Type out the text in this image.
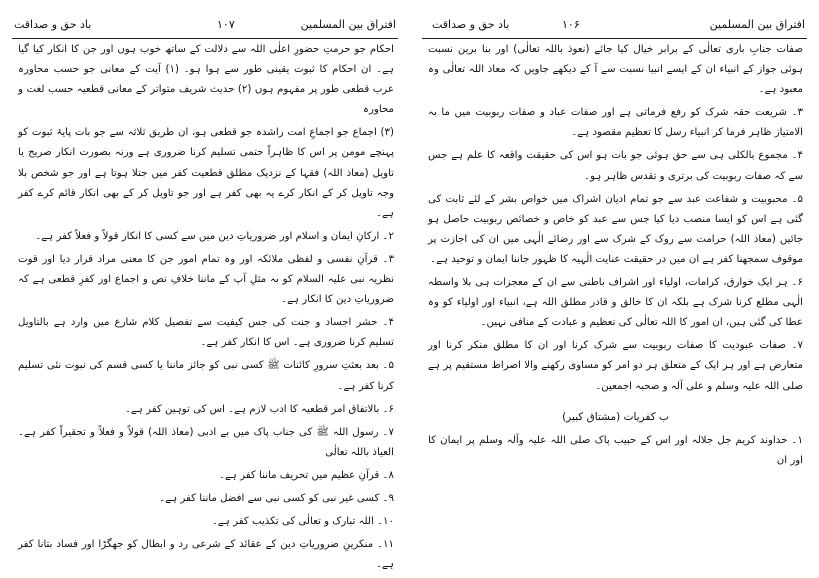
باد حق و صداقت	۱۰۷	افتراق بين المسلمين

احکام جو حرمتِ حضورِ اعلٰی اللہ سے دلالت کے ساتھ خوب ہوں اور جن کا انکار کیا گیا ہے۔ ان احکام کا ثبوت یقینی طور سے ہوا ہو۔ (۱) آیت کے معانی جو حسب محاورہ عرب قطعی طور پر مفہوم ہوں (۲) حدیث شریف متواتر کے معانی قطعیہ حسب لغت و محاورہ

(۳) اجماع جو اجماعِ امت راشدہ جو قطعی ہو، ان طریق ثلاثہ سے جو بات پایۂ ثبوت کو پہنچے مومن پر اس کا ظاہراً حتمی تسلیم کرنا ضروری ہے ورنہ بصورت انکار صریح یا تاویل (معاذ اللہ) فقہا کے نزدیک مطلق قطعیت کفر میں جتلا ہوتا ہے اور جو شخص بلا وجہ تاویل کر کے انکار کرے یہ بھی کفر ہے اور جو تاویل کر کے بھی انکار قائم کرے کفر ہے۔

۲۔ ارکانِ ایمان و اسلام اور ضروریاتِ دین میں سے کسی کا انکار قولاً و فعلاً کفر ہے۔

۳۔ قرآنِ نفسی و لفظی ملائکہ اور وہ تمام امور جن کا معنی مراد قرار دیا اور قوت نظریہ نبی علیہ السلام کو بہ مثلِ آپ کے ماننا خلافِ نص و اجماع اور کفرِ قطعی ہے کہ ضروریاتِ دین کا انکار ہے۔

۴۔ حشر اجساد و جنت کی جس کیفیت سے تفصیل کلام شارع میں وارد ہے بالتاویل تسلیم کرنا ضروری ہے۔ اس کا انکار کفر ہے۔

۵۔ بعد بعثتِ سرورِ کائنات ﷺ کسی نبی کو جائز ماننا یا کسی قسم کی نبوت نئی تسلیم کرنا کفر ہے۔

۶۔ بالاتفاق امر قطعیہ کا ادب لازم ہے۔ اس کی توہین کفر ہے۔

۷۔ رسول اللہ ﷺ کی جناب پاک میں بے ادبی (معاذ اللہ) قولاً و فعلاً و تحقیراً کفر ہے۔ العیاذ باللہ تعالٰی

۸۔ قرآنِ عظیم میں تحریف ماننا کفر ہے۔

۹۔ کسی غیر نبی کو کسی نبی سے افضل ماننا کفر ہے۔

۱۰۔ اللہ تبارک و تعالٰی کی تکذیب کفر ہے۔

۱۱۔ منکرینِ ضروریاتِ دین کے عقائد کے شرعی رد و ابطال کو جھگڑا اور فساد بتانا کفر ہے۔

باد حق و صداقت	۱۰۶	افتراق بين المسلمين

صفات جنابِ باری تعالٰی کے برابر خیال کیا جائے (نعوذ باللہ تعالٰی) اور بنا برین نسبت ہوئی جواز کے انبیاء ان کے ایسے انبیا نسبت سے آ کے دیکھے جاویں کہ معاذ اللہ تعالٰی وہ معبود ہے۔

۳۔ شریعت حقہ شرک کو رفع فرماتی ہے اور صفات عباد و صفات ربوبیت میں ما بہ الامتیاز ظاہر فرما کر انبیاء رسل کا تعظیم مقصود ہے۔

۴۔ مجموع بالکلی ہی سے حق ہوئی جو بات ہو اس کی حقیقت واقعہ کا علم ہے جس سے کہ صفات ربوبیت کی برتری و تقدس ظاہر ہو۔

۵۔ محبوبیت و شفاعت عبد سے جو تمام ادیان اشراک میں خواص بشر کے لئے ثابت کی گئی ہے اس کو ایسا منصب دیا کیا جس سے عبد کو خاص و خصائص ربوبیت حاصل ہو جائیں (معاذ اللہ) حرامت سے روک کے شرک سے اور رضائے الٰہی میں ان کی اجازت پر موقوف سمجھنا کفر ہے ان میں در حقیقت عنایت الٰہیہ کا ظہور جاننا ایمان و توحید ہے۔

۶۔ ہر ایک خوارق، کرامات، اولیاء اور اشراف باطنی سے ان کے معجزات ہی بلا واسطہ الٰہی مطلع کرنا شرک ہے بلکہ ان کا خالق و قادر مطلق اللہ ہے، انبیاء اور اولیاء کو وہ عطا کی گئی ہیں، ان امور کا اللہ تعالٰی کی تعظیم و عبادت کے منافی نہیں۔

۷۔ صفات عبودیت کا صفات ربوبیت سے شرک کرنا اور ان کا مطلق منکر کرنا اور متعارض ہے اور ہر ایک کے متعلق ہر دو امر کو مساوی رکھنے والا اصراط مستقیم پر ہے صلی اللہ علیہ وسلم و علی آلہ و صحبہ اجمعین۔

ب کفریات (مشتاق کبیر)

۱۔ خداوند کریم جل جلالہ اور اس کے حبیب پاک صلی اللہ علیہ وآلہ وسلم پر ایمان کا اور ان
